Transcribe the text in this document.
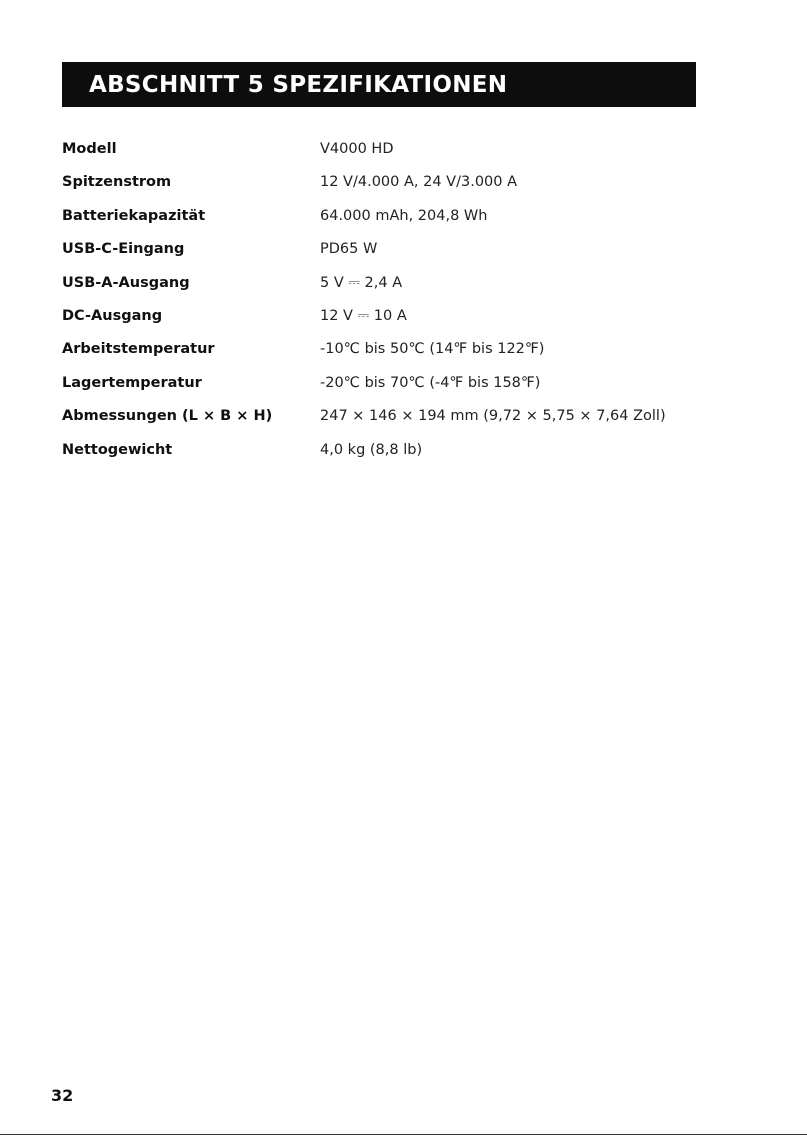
ABSCHNITT 5 SPEZIFIKATIONEN
Modell	V4000 HD
Spitzenstrom	12 V/4.000 A, 24 V/3.000 A
Batteriekapazität	64.000 mAh, 204,8 Wh
USB-C-Eingang	PD65 W
USB-A-Ausgang	5 V ⎓ 2,4 A
DC-Ausgang	12 V ⎓ 10 A
Arbeitstemperatur	-10℃ bis 50℃ (14℉ bis 122℉)
Lagertemperatur	-20℃ bis 70℃ (-4℉ bis 158℉)
Abmessungen (L × B × H)	247 × 146 × 194 mm (9,72 × 5,75 × 7,64 Zoll)
Nettogewicht	4,0 kg (8,8 lb)
32
